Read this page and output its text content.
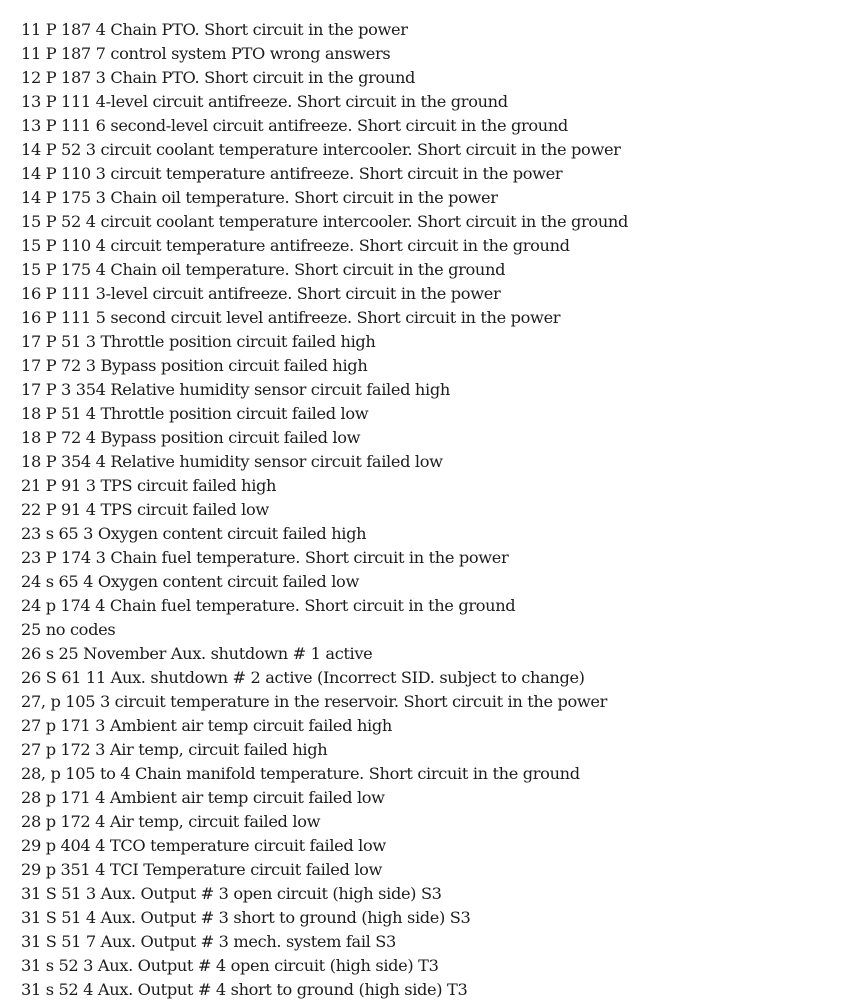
11 P 187 4 Chain PTO. Short circuit in the power
11 P 187 7 control system PTO wrong answers
12 P 187 3 Chain PTO. Short circuit in the ground
13 P 111 4-level circuit antifreeze. Short circuit in the ground
13 P 111 6 second-level circuit antifreeze. Short circuit in the ground
14 P 52 3 circuit coolant temperature intercooler. Short circuit in the power
14 P 110 3 circuit temperature antifreeze. Short circuit in the power
14 P 175 3 Chain oil temperature. Short circuit in the power
15 P 52 4 circuit coolant temperature intercooler. Short circuit in the ground
15 P 110 4 circuit temperature antifreeze. Short circuit in the ground
15 P 175 4 Chain oil temperature. Short circuit in the ground
16 P 111 3-level circuit antifreeze. Short circuit in the power
16 P 111 5 second circuit level antifreeze. Short circuit in the power
17 P 51 3 Throttle position circuit failed high
17 P 72 3 Bypass position circuit failed high
17 P 3 354 Relative humidity sensor circuit failed high
18 P 51 4 Throttle position circuit failed low
18 P 72 4 Bypass position circuit failed low
18 P 354 4 Relative humidity sensor circuit failed low
21 P 91 3 TPS circuit failed high
22 P 91 4 TPS circuit failed low
23 s 65 3 Oxygen content circuit failed high
23 P 174 3 Chain fuel temperature. Short circuit in the power
24 s 65 4 Oxygen content circuit failed low
24 p 174 4 Chain fuel temperature. Short circuit in the ground
25 no codes
26 s 25 November Aux. shutdown # 1 active
26 S 61 11 Aux. shutdown # 2 active (Incorrect SID. subject to change)
27, p 105 3 circuit temperature in the reservoir. Short circuit in the power
27 p 171 3 Ambient air temp circuit failed high
27 p 172 3 Air temp, circuit failed high
28, p 105 to 4 Chain manifold temperature. Short circuit in the ground
28 p 171 4 Ambient air temp circuit failed low
28 p 172 4 Air temp, circuit failed low
29 p 404 4 TCO temperature circuit failed low
29 p 351 4 TCI Temperature circuit failed low
31 S 51 3 Aux. Output # 3 open circuit (high side) S3
31 S 51 4 Aux. Output # 3 short to ground (high side) S3
31 S 51 7 Aux. Output # 3 mech. system fail S3
31 s 52 3 Aux. Output # 4 open circuit (high side) T3
31 s 52 4 Aux. Output # 4 short to ground (high side) T3
